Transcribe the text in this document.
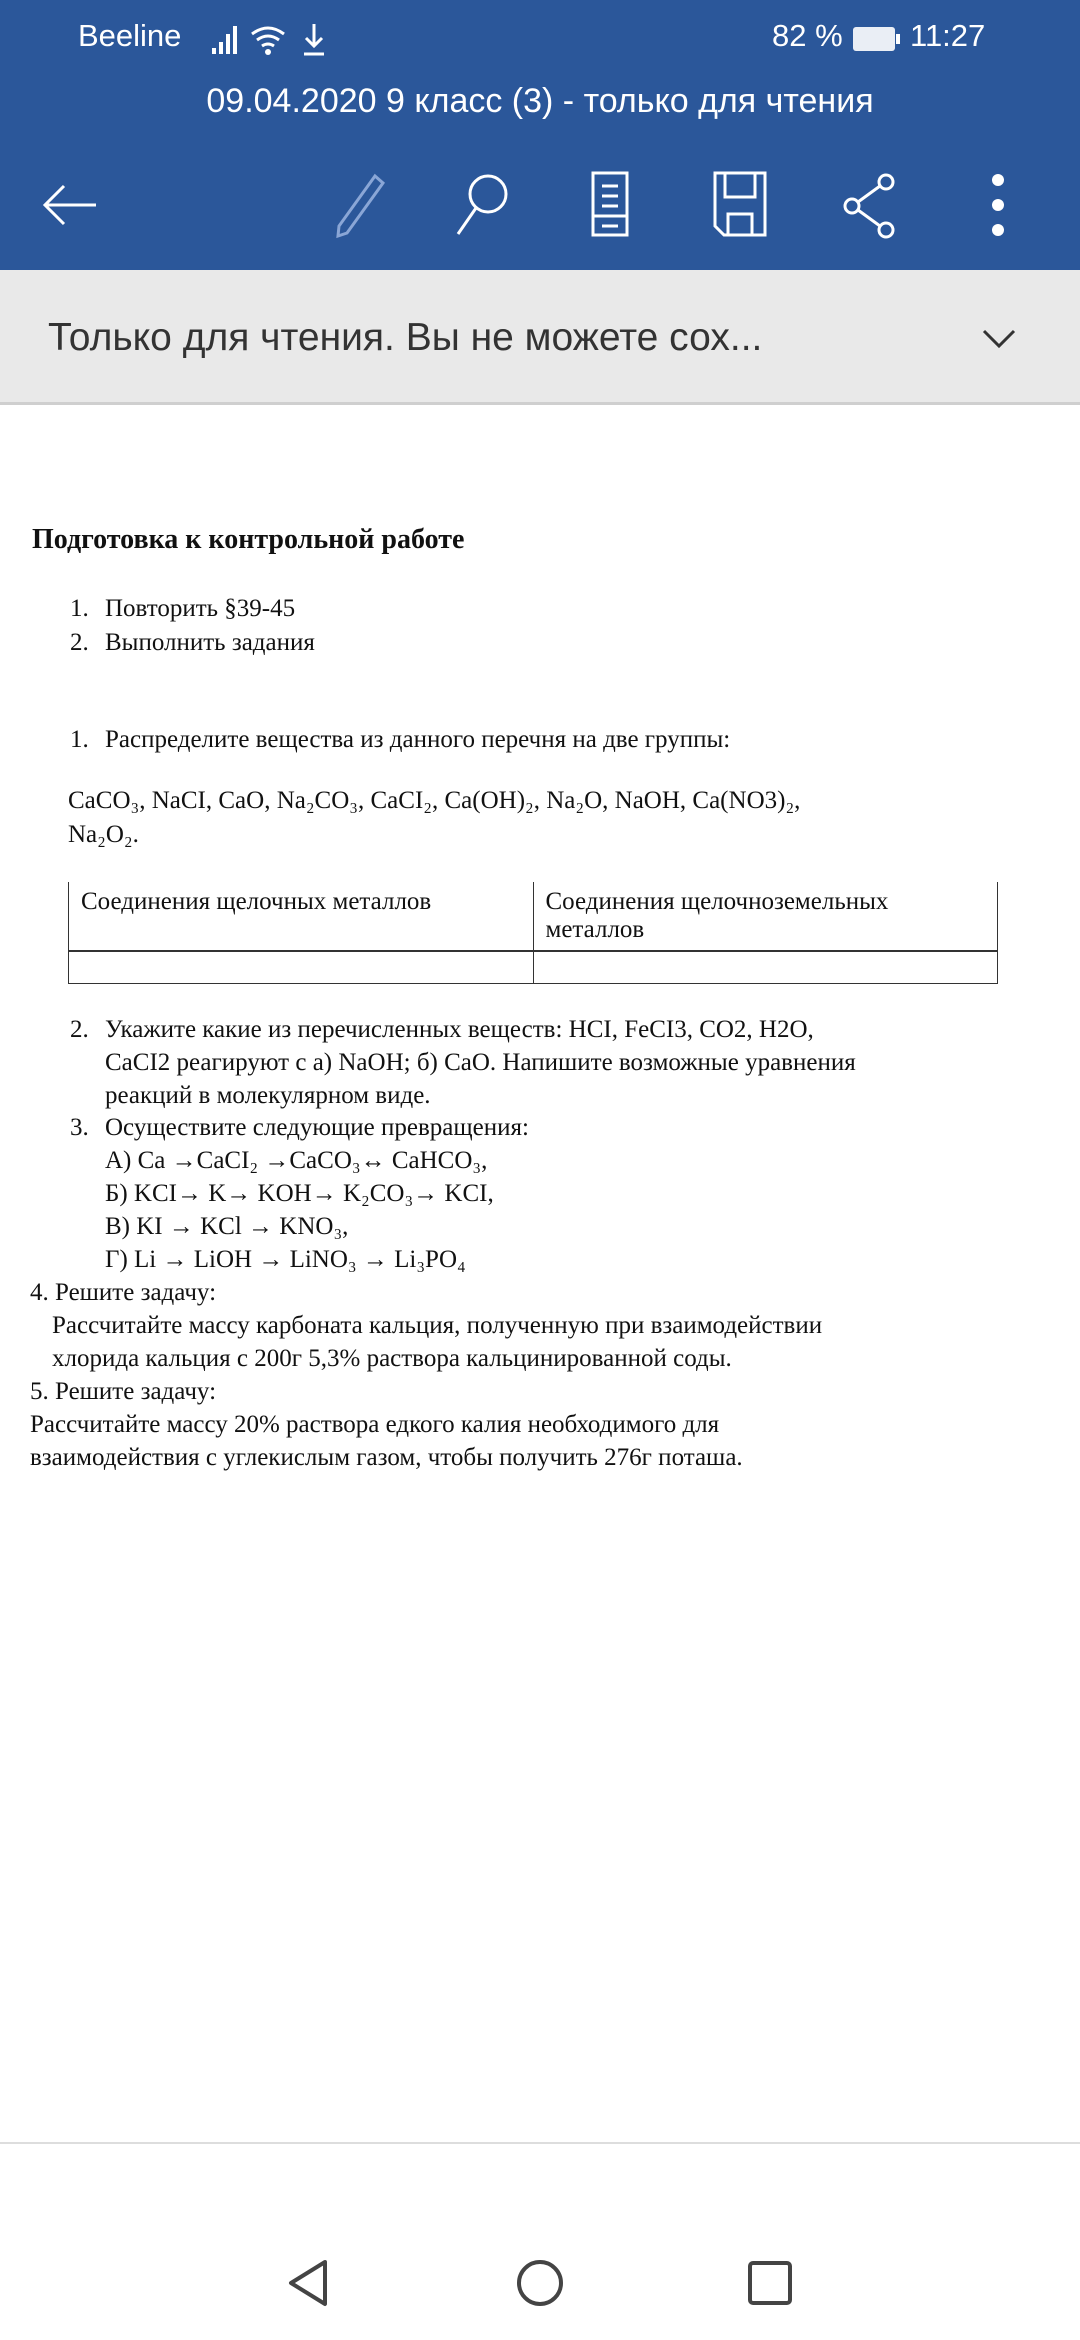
Beeline	82 % 11:27
09.04.2020 9 класс (3) - только для чтения
Только для чтения. Вы не можете сох...
Подготовка к контрольной работе
1. Повторить §39-45
2. Выполнить задания
1. Распределите вещества из данного перечня на две группы:
CaCO₃, NaCI, CaO, Na₂CO₃, CaCI₂, Ca(OH)₂, Na₂O, NaOH, Ca(NO3)₂,
Na₂O₂.
Соединения щелочных металлов	Соединения щелочноземельных металлов

2. Укажите какие из перечисленных веществ: HCI, FeCI3, CO2, H2O,
CaCI2 реагируют с а) NaOH; б) CaO. Напишите возможные уравнения
реакций в молекулярном виде.
3. Осуществите следующие превращения:
А) Ca →CaCI₂ →CaCO₃↔ CaHCO₃,
Б) KCI→ K→ KOH→ K₂CO₃→ KCI,
В) KI → KCl → KNO₃,
Г) Li → LiOH → LiNO₃ → Li₃PO₄
4. Решите задачу:
Рассчитайте массу карбоната кальция, полученную при взаимодействии
хлорида кальция с 200г 5,3% раствора кальцинированной соды.
5. Решите задачу:
Рассчитайте массу 20% раствора едкого калия необходимого для
взаимодействия с углекислым газом, чтобы получить 276г поташа.
